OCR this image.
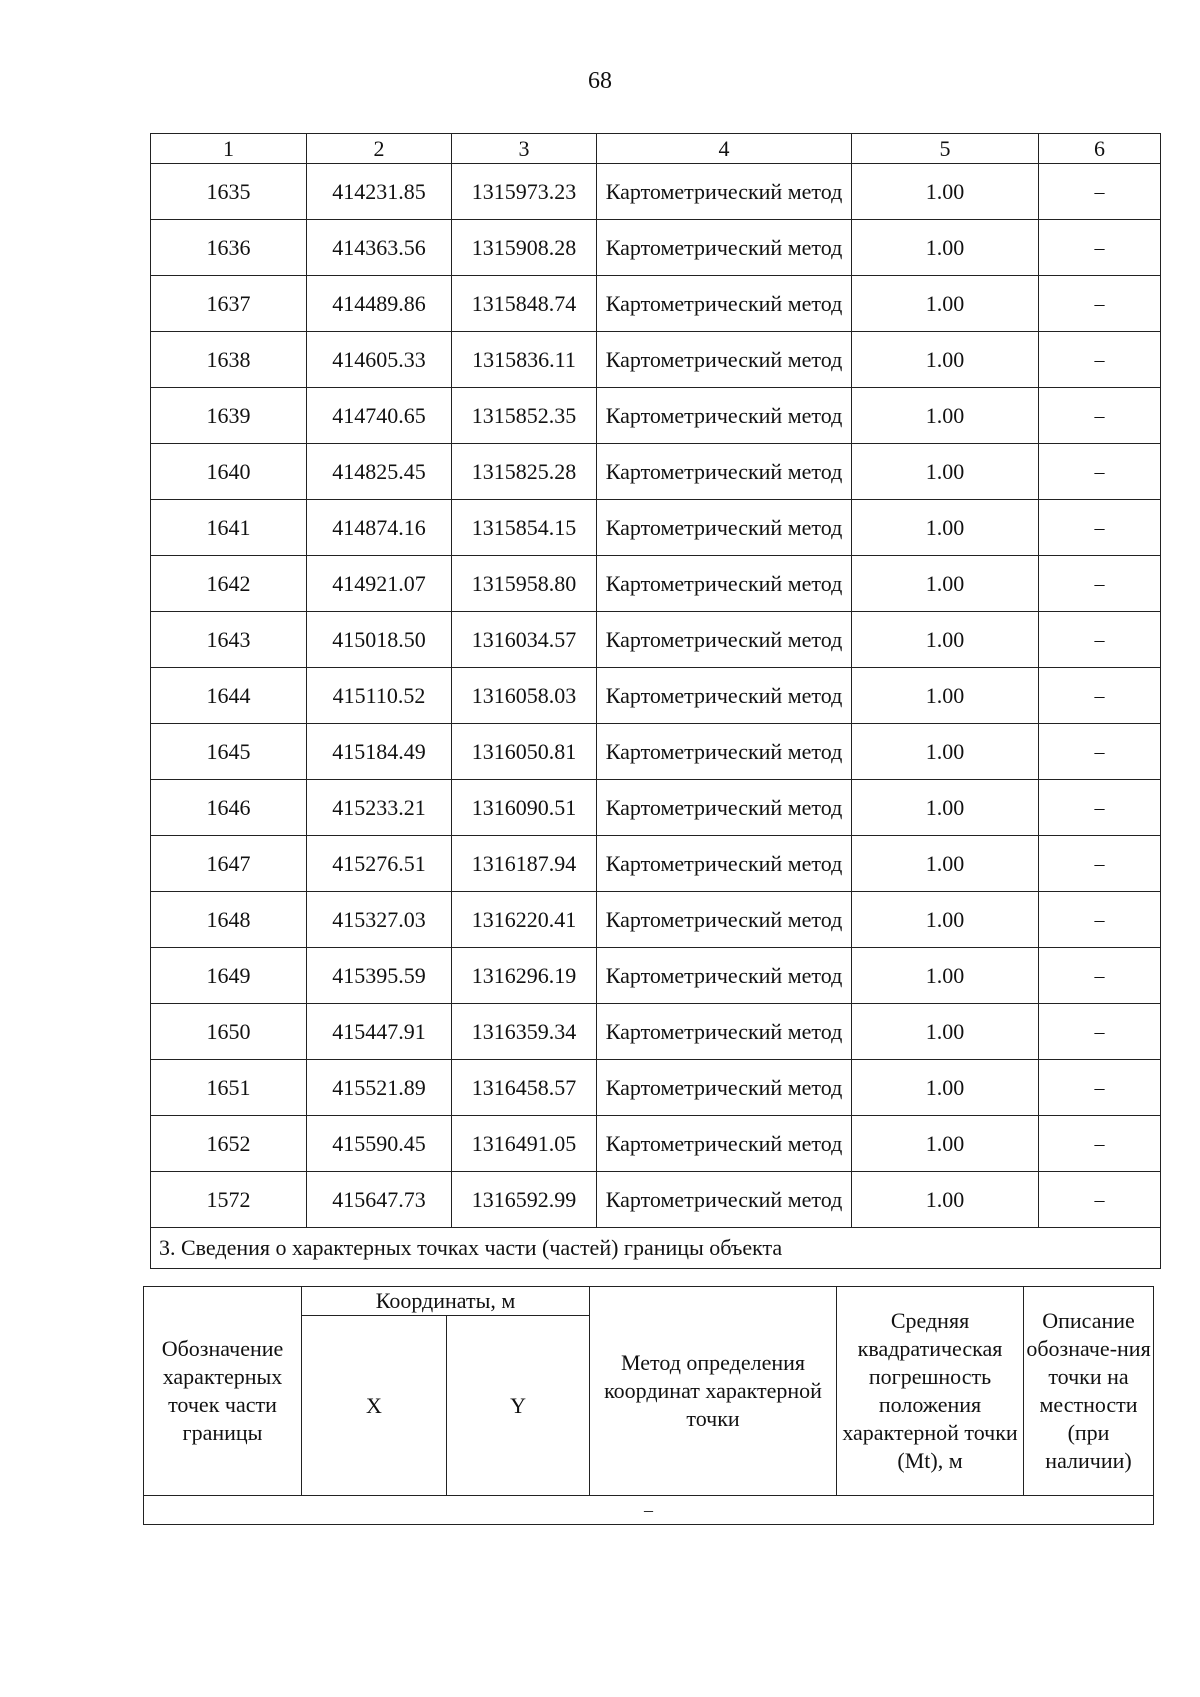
68
1	2	3	4	5	6
1635	414231.85	1315973.23	Картометрический метод	1.00	–
1636	414363.56	1315908.28	Картометрический метод	1.00	–
1637	414489.86	1315848.74	Картометрический метод	1.00	–
1638	414605.33	1315836.11	Картометрический метод	1.00	–
1639	414740.65	1315852.35	Картометрический метод	1.00	–
1640	414825.45	1315825.28	Картометрический метод	1.00	–
1641	414874.16	1315854.15	Картометрический метод	1.00	–
1642	414921.07	1315958.80	Картометрический метод	1.00	–
1643	415018.50	1316034.57	Картометрический метод	1.00	–
1644	415110.52	1316058.03	Картометрический метод	1.00	–
1645	415184.49	1316050.81	Картометрический метод	1.00	–
1646	415233.21	1316090.51	Картометрический метод	1.00	–
1647	415276.51	1316187.94	Картометрический метод	1.00	–
1648	415327.03	1316220.41	Картометрический метод	1.00	–
1649	415395.59	1316296.19	Картометрический метод	1.00	–
1650	415447.91	1316359.34	Картометрический метод	1.00	–
1651	415521.89	1316458.57	Картометрический метод	1.00	–
1652	415590.45	1316491.05	Картометрический метод	1.00	–
1572	415647.73	1316592.99	Картометрический метод	1.00	–
3. Сведения о характерных точках части (частей) границы объекта					
Обозначение характерных точек части границы	Координаты, м		Метод определения координат характерной точки	Средняя квадратическая погрешность положения характерной точки (Mt), м	Описание обозначе-ния точки на местности (при наличии)
	X	Y			
–					
